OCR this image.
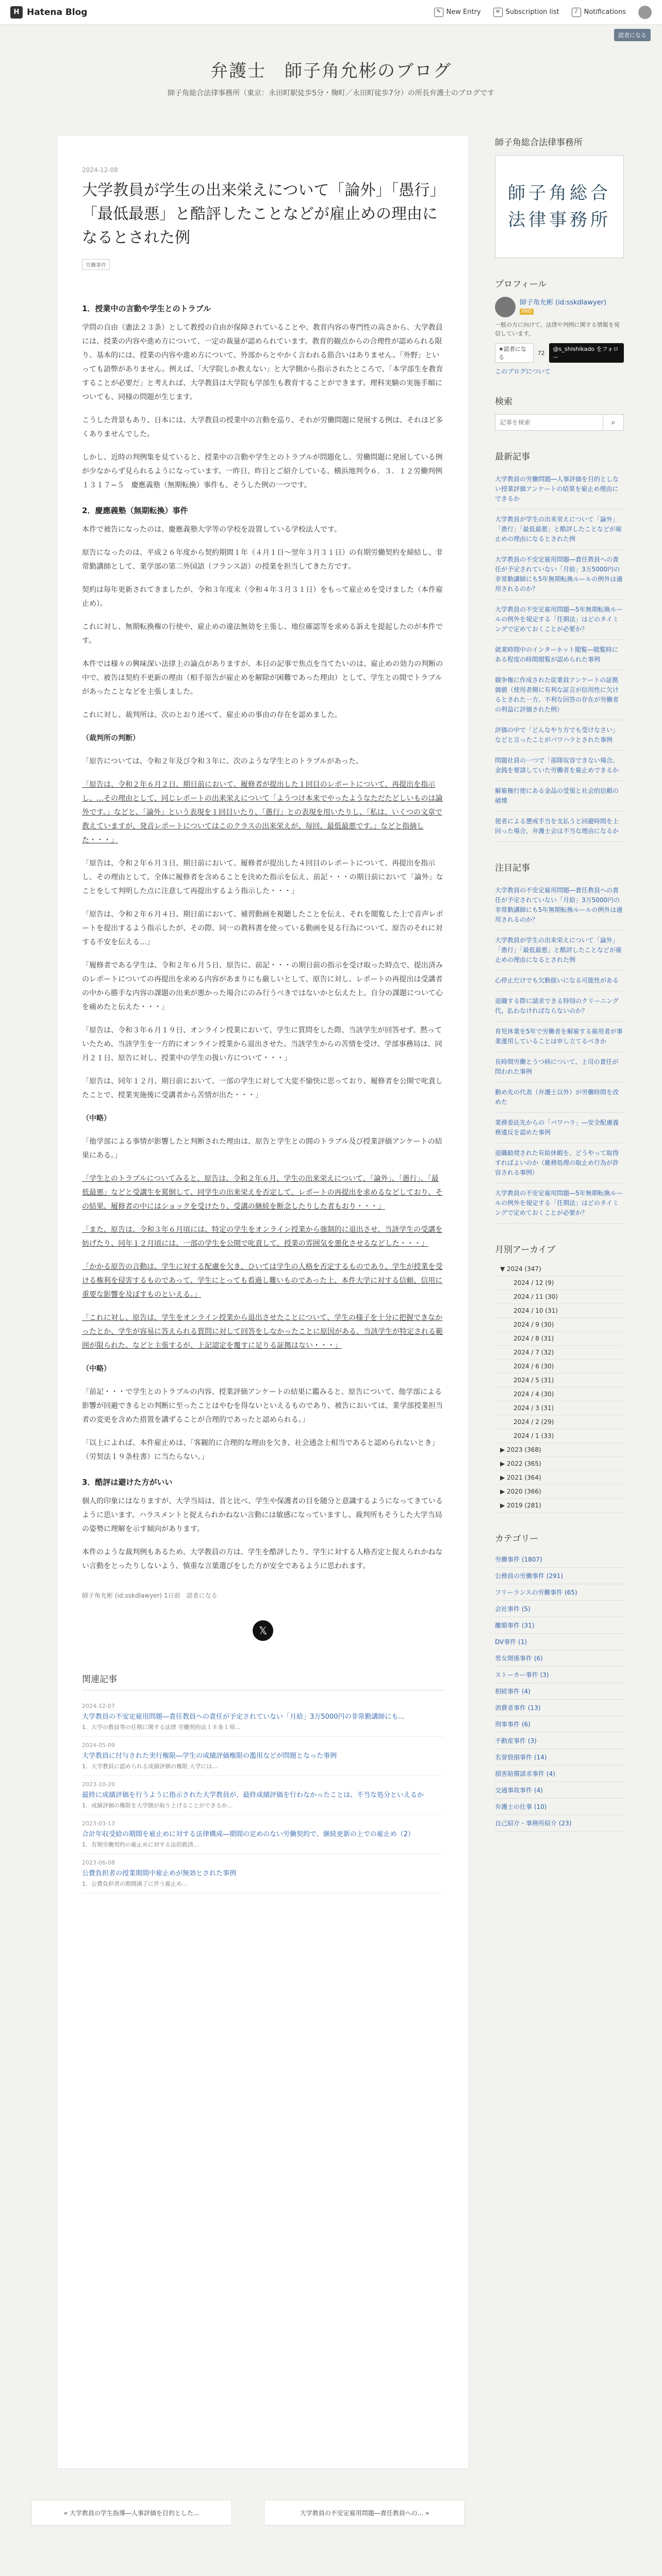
H Hatena Blog	✎ New Entry	≡ Subscription list	♪ Notifications
読者になる
弁護士　師子角允彬のブログ
師子角総合法律事務所（東京：永田町駅徒歩5分・麹町／永田町徒歩7分）の所長弁護士のブログです
2024-12-08
大学教員が学生の出来栄えについて「論外」「愚行」「最低最悪」と酷評したことなどが雇止めの理由になるとされた例
労働事件
1．授業中の言動や学生とのトラブル

学問の自由（憲法２３条）として教授の自由が保障されていることや、教育内容の専門性の高さから、大学教員には、授業の内容や進め方について、一定の裁量が認められています。教育的観点からの合理性が認められる限り、基本的には、授業の内容や進め方について、外部からとやかく言われる筋合いはありません。「外野」といっても語弊がありません。例えば、「大学院しか教えない」と大学側から指示されたところで、「本学部生を教育することが必要だ」と考えれば、大学教員は大学院も学部生も教育することができます。理科実験の実施手順についても、同様の問題が生じます。

こうした背景もあり、日本には、大学教員の授業中の言動を巡り、それが労働問題に発展する例は、それほど多くありませんでした。

しかし、近時の判例集を見ていると、授業中の言動や学生とのトラブルが問題化し、労働問題に発展している例が少なからず見られるようになっています。一昨日、昨日とご紹介している、横浜地判令６．３．１２労働判例１３１７−５　慶應義塾（無期転換）事件も、そうした例の一つです。

2．慶應義塾（無期転換）事件

本件で被告になったのは、慶應義塾大学等の学校を設置している学校法人です。

原告になったのは、平成２６年度から契約期間１年（４月１日〜翌年３月３１日）の有期労働契約を締結し、非常勤講師として、業学部の第二外国語（フランス語）の授業を担当してきた方です。

契約は毎年更新されてきましたが、令和３年度末（令和４年３月３１日）をもって雇止めを受けました（本件雇止め）。

これに対し、無期転換権の行使や、雇止めの違法無効を主張し、地位確認等を求める訴えを提起したのが本件です。

本件では様々の興味深い法律上の論点がありますが、本日の記事で焦点を当てたいのは、雇止めの効力の判断の中で、被告は契約不更新の理由（相手原告が雇止めを解除が困難であった理由）として、学生との間でトラブルがあったことなどを主張しました。

これに対し、裁判所は、次のとおり述べて、雇止めの事由の存在を認めました。

（裁判所の判断）

「原告については、令和２年及び令和３年に、次のような学生とのトラブルがあった。

「原告は、令和２年６月２日、期日前において、履修者が提出した１回目のレポートについて、再提出を指示し、…その理由として、同じレポートの出来栄えについて「ようつけ本来でやったようなただたどしいものは論外です。」などと、「論外」という表現を１回目いたり、「愚行」との表現を用いたりし、「私は、いくつの文章で教えていますが、発音レポートについてはこのクラスの出来栄えが、毎回、最低最悪です。」などと指摘した・・・」

「原告は、令和２年６月３日、期日前において、履修者が提出した４回目のレポートについて、再提出を指示し、その理由として、全体に履修者を含めることを決めた指示を伝え、前記・・・の期日前において「論外」なことをして判明した点に注意して再提出するよう指示した・・・」

「原告は、令和２年６月４日、期日前において、補習動画を視聴したことを伝え、それを閲覧した上で音声レポートを提出するよう指示したが、その際、同一の教科書を使っている動画を見る行為について、原告のそれに対する不安を伝える…」

「履修者である学生は、令和２年６月５日、原告に、前記・・・の期日前の指示を受け取った時点で、提出済みのレポートについての再提出を求める内容があまりにも厳しいとして、原告に対し、レポートの再提出は受講者の中から勝手な内容の課題の出来が悪かった場合にのみ行うべきではないかと伝えた上、自分の課題について心を痛めたと伝えた・・・」

「原告は、令和３年６月１９日、オンライン授業において、学生に質問をした際、当該学生が回答せず、黙っていたため、当該学生を一方的にオンライン授業から退出させた。当該学生からの苦情を受け、学部事務局は、同月２１日、原告に対し、授業中の学生の扱い方について・・・」

「原告は、同年１２月、期日前において、一部の学生に対して大変不愉快に思っており、履修者を公開で叱責したことで、授業実施後に受講者から苦情が出た・・・」

（中略）

「他学部による事情が影響したと判断された理由は、原告と学生との間のトラブル及び授業評価アンケートの結果にある。」

「学生とのトラブルについてみると、原告は、令和２年６月、学生の出来栄えについて、「論外」、「愚行」、「最低最悪」などと受講生を罵倒して、同学生の出来栄えを否定して、レポートの再提出を求めるなどしており、その結果、履修者の中にはショックを受けたり、受講の継続を断念したりした者もおり・・・」

「また、原告は、令和３年６月頃には、特定の学生をオンライン授業から強制的に退出させ、当該学生の受講を妨げたり、同年１２月頃には、一部の学生を公開で叱責して、授業の雰囲気を悪化させるなどした・・・」

「かかる原告の言動は、学生に対する配慮を欠き、ひいては学生の人格を否定するものであり、学生が授業を受ける権利を侵害するものであって、学生にとっても看過し難いものであった上、本件大学に対する信頼、信用に重要な影響を及ぼすものといえる。」

「これに対し、原告は、学生をオンライン授業から退出させたことについて、学生の様子を十分に把握できなかったとか、学生が容易に答えられる質問に対して回答をしなかったことに原因がある、当該学生が特定される範囲が限られた、などと主張するが、上記認定を覆すに足りる証拠はない・・・」

（中略）

「前記・・・で学生とのトラブルの内容、授業評価アンケートの結果に鑑みると、原告について、他学部による影響が回避できるとの判断に至ったことはやむを得ないといえるものであり、被告においては、業学部授業担当者の変更を含めた措置を講ずることが合理的であったと認められる。」

「以上によれば、本件雇止めは、「客観的に合理的な理由を欠き、社会通念上相当であると認められないとき」（労契法１９条柱書）に当たらない。」

3．酷評は避けた方がいい

個人的印象にはなりますが、大学当局は、昔と比べ、学生や保護者の目を随分と意識するようになってきているように思います。ハラスメントと捉えられかねない言動には敏感になっていますし、裁判所もそうした大学当局の姿勢に理解を示す傾向があります。

本件のような裁判例もあるため、大学教員の方は、学生を酷評したり、学生に対する人格否定と捉えられかねない言動をとったりしないよう、慎重な言葉選びをした方が安全であるように思われます。

師子角允彬 (id:sskdlawyer) 1日前　読者になる
𝕏
関連記事
2024-12-07
大学教員の不安定雇用問題―責任教員への責任が予定されていない「月給」3万5000円の非常勤講師にも...
1．大学の教員等の任期に関する法律 労働契約法１８条１項...
2024-05-09
大学教員に付与された実行権限―学生の成績評価権限の濫用などが問題となった事例
1．大学教員に認められる成績評価の権限 大学には...
2023-10-20
最終に成績評価を行うように指示された大学教員が、最終成績評価を行わなかったことは、不当な処分といえるか
1．成績評価の権限を大学側が取り上げることができるか...
2023-03-13
合計年収受給の期間を雇止めに対する法律構成―期間の定めのない労働契約で、継続更新の上での雇止め（2）
1．有期労働契約の雇止めに対する法的救済...
2023-06-08
公費負担者の授業期間中雇止めが無効とされた事例
1．公費負担者の期間満了に伴う雇止め...
« 大学教員の学生指導―人事評価を目的とした...	大学教員の不安定雇用問題―責任教員への... »
師子角総合法律事務所
師子角総合
法律事務所
プロフィール
師子角允彬 (id:sskdlawyer)
PRO
一般の方に向けて、法律や判例に関する情報を発信しています。
★読者になる
72
@s_shishikado をフォロー
このブログについて
検索
記事を検索
⌕
最新記事
大学教員の労働問題―人事評価を目的としない授業評価アンケートの結果を雇止め理由にできるか
大学教員が学生の出来栄えについて「論外」「愚行」「最低最悪」と酷評したことなどが雇止めの理由になるとされた例
大学教員の不安定雇用問題―責任教員への責任が予定されていない「月給」3万5000円の非常勤講師にも5年無期転換ルールの例外は適用されるのか？
大学教員の不安定雇用問題―5年無期転換ルールの例外を規定する「任期法」はどのタイミングで定めておくことが必要か？
就業時間中のインターネット閲覧―閲覧時にある程度の時間閲覧が認められた事例
競争権に作成された従業員アンケートの証拠価値（使用者側に有利な証言が信用性に欠けるとされた一方、不利な回答の存在が労働者の利益に評価された例）
評価の中で「どんなやり方でも受けなさい」などと言ったことがパワハラとされた事例
問題社員の一つで「部隊収容できない場合、金銭を要請していた労働者を雇止めできるか
解雇権行使にある金品の受領と社会的信頼の破壊
使者による懲戒手当を支払うと回避時間を上回った場合、弁護士会は不当な理由になるか
注目記事
大学教員の不安定雇用問題―責任教員への責任が予定されていない「月給」3万5000円の非常勤講師にも5年無期転換ルールの例外は適用されるのか？
大学教員が学生の出来栄えについて「論外」「愚行」「最低最悪」と酷評したことなどが雇止めの理由になるとされた例
心停止だけでも欠勤扱いになる可能性がある
退職する際に請求できる特別のクリーニング代、払わなければならないのか？
育児休業を5年で労働者を解雇する雇用者が事業運用していることは申し立てるべきか
長時間労働とうつ病について、上司の責任が問われた事例
勤め先の代表（弁護士以外）が労働時間を改めた
業務委託先からの「パワハラ」―安全配慮義務違反を認めた事例
退職勧奨された有給休暇を、どうやって取得すればよいのか（雑務処理の取止め行為が許容される事例）
大学教員の不安定雇用問題―5年無期転換ルールの例外を規定する「任期法」はどのタイミングで定めておくことが必要か？
月別アーカイブ
▼ 2024 (347)
2024 / 12 (9)
2024 / 11 (30)
2024 / 10 (31)
2024 / 9 (30)
2024 / 8 (31)
2024 / 7 (32)
2024 / 6 (30)
2024 / 5 (31)
2024 / 4 (30)
2024 / 3 (31)
2024 / 2 (29)
2024 / 1 (33)
▶ 2023 (368)
▶ 2022 (365)
▶ 2021 (364)
▶ 2020 (366)
▶ 2019 (281)
カテゴリー
労働事件 (1807)
公務員の労働事件 (291)
フリーランスの労働事件 (65)
会社事件 (5)
離婚事件 (31)
DV事件 (1)
男女関係事件 (6)
ストーカー事件 (3)
相続事件 (4)
消費者事件 (13)
刑事事件 (6)
不動産事件 (3)
名誉毀損事件 (14)
損害賠償請求事件 (4)
交通事故事件 (4)
弁護士の仕事 (10)
自己紹介・事務所紹介 (23)
